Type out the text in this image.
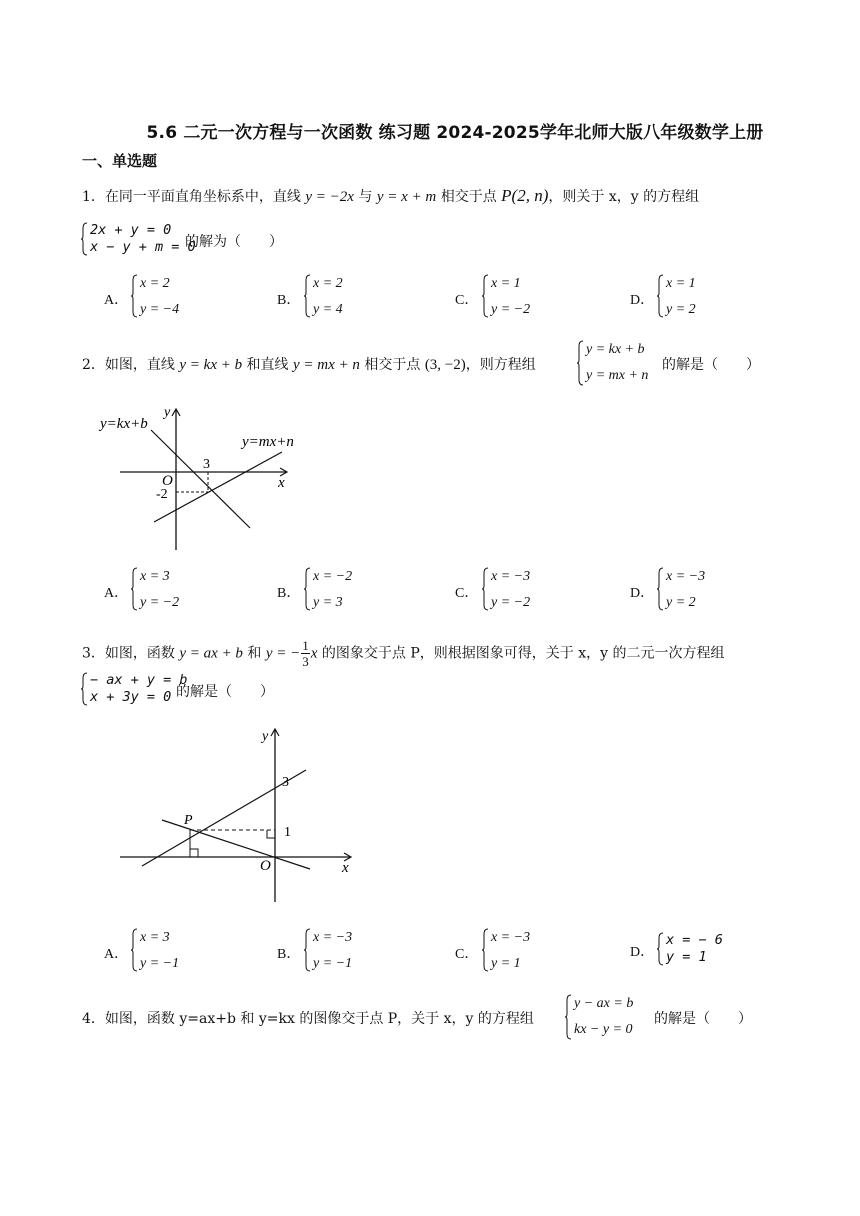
5.6 二元一次方程与一次函数 练习题 2024-2025学年北师大版八年级数学上册
一、单选题
1．在同一平面直角坐标系中，直线 y = −2x 与 y = x + m 相交于点 P(2, n)，则关于 x，y 的方程组
2x + y = 0
x − y + m = 0
的解为（　　）
A．
x = 2
y = −4
B．
x = 2
y = 4
C．
x = 1
y = −2
D．
x = 1
y = 2
2．如图，直线 y = kx + b 和直线 y = mx + n 相交于点 (3, −2)，则方程组
y = kx + b
y = mx + n
的解是（　　）
y=kx+b
y=mx+n
y
x
O
3
-2
A．
x = 3
y = −2
B．
x = −2
y = 3
C．
x = −3
y = −2
D．
x = −3
y = 2
3．如图，函数 y = ax + b 和 y = − $\frac{1}{3}$ x 的图象交于点 P，则根据图象可得，关于 x，y 的二元一次方程组
− ax + y = b
x + 3y = 0 的解是（　　）
y
x
O
P
3
1
A．
x = 3
y = −1
B．
x = −3
y = −1
C．
x = −3
y = 1
D．
x = − 6
y = 1
4．如图，函数 y=ax+b 和 y=kx 的图像交于点 P，关于 x，y 的方程组
y − ax = b
kx − y = 0
的解是（　　）
